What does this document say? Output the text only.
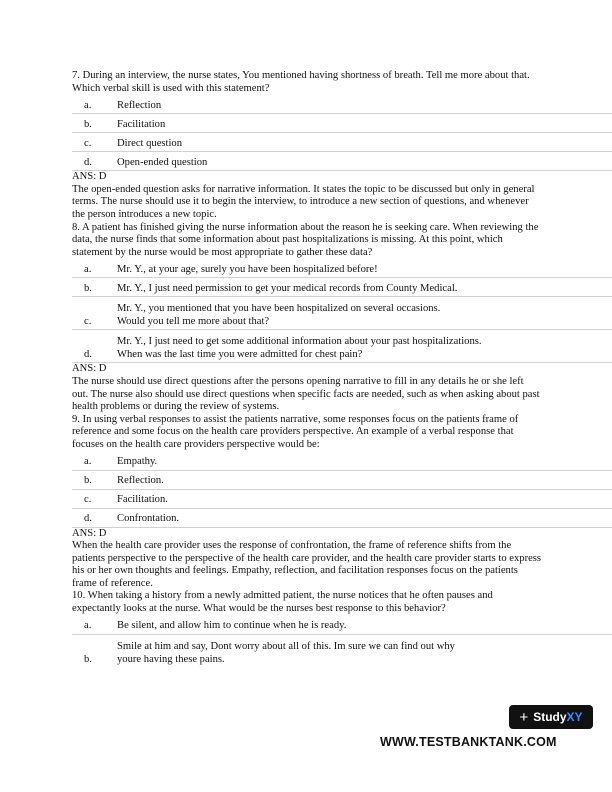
7. During an interview, the nurse states, You mentioned having shortness of breath. Tell me more about that. Which verbal skill is used with this statement?

a.	Reflection
b.	Facilitation
c.	Direct question
d.	Open-ended question

ANS: D

The open-ended question asks for narrative information. It states the topic to be discussed but only in general terms. The nurse should use it to begin the interview, to introduce a new section of questions, and whenever the person introduces a new topic.

8. A patient has finished giving the nurse information about the reason he is seeking care. When reviewing the data, the nurse finds that some information about past hospitalizations is missing. At this point, which statement by the nurse would be most appropriate to gather these data?

a.	Mr. Y., at your age, surely you have been hospitalized before!
b.	Mr. Y., I just need permission to get your medical records from County Medical.
c.
Mr. Y., you mentioned that you have been hospitalized on several occasions.
Would you tell me more about that?
d.
Mr. Y., I just need to get some additional information about your past hospitalizations.
When was the last time you were admitted for chest pain?

ANS: D

The nurse should use direct questions after the persons opening narrative to fill in any details he or she left out. The nurse also should use direct questions when specific facts are needed, such as when asking about past health problems or during the review of systems.

9. In using verbal responses to assist the patients narrative, some responses focus on the patients frame of reference and some focus on the health care providers perspective. An example of a verbal response that focuses on the health care providers perspective would be:

a.	Empathy.
b.	Reflection.
c.	Facilitation.
d.	Confrontation.

ANS: D

When the health care provider uses the response of confrontation, the frame of reference shifts from the patients perspective to the perspective of the health care provider, and the health care provider starts to express his or her own thoughts and feelings. Empathy, reflection, and facilitation responses focus on the patients frame of reference.

10. When taking a history from a newly admitted patient, the nurse notices that he often pauses and expectantly looks at the nurse. What would be the nurses best response to this behavior?

a.	Be silent, and allow him to continue when he is ready.
b.
Smile at him and say, Dont worry about all of this. Im sure we can find out why
youre having these pains.
+ Study XY
WWW.TESTBANKTANK.COM
